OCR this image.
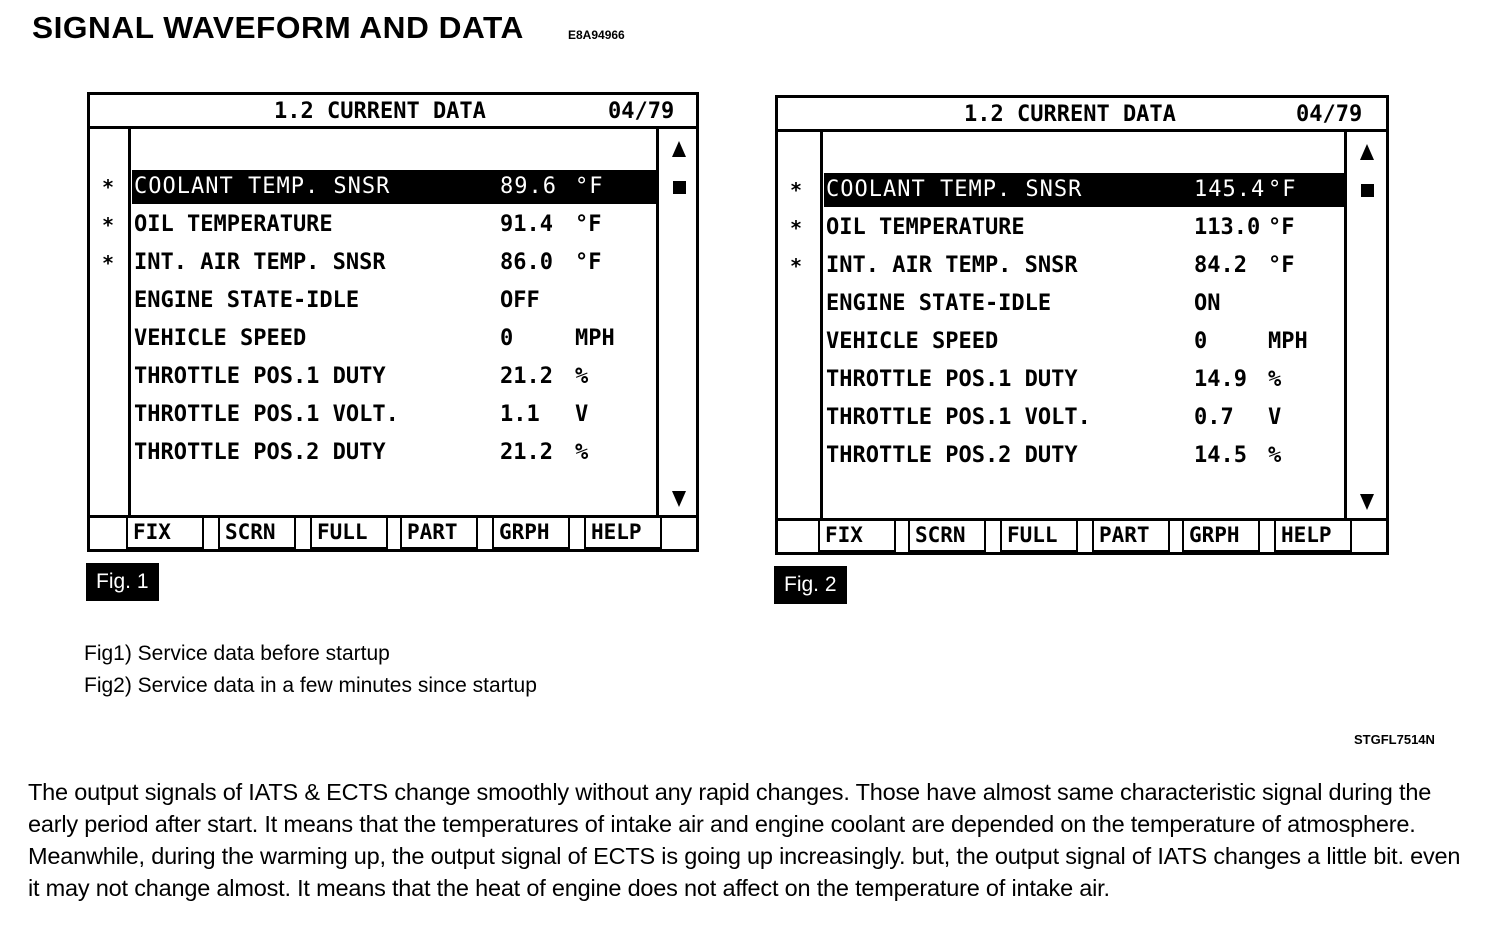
SIGNAL WAVEFORM AND DATA	E8A94966
1.2 CURRENT DATA	04/79
* COOLANT TEMP. SNSR	89.6 °F
* OIL TEMPERATURE	91.4 °F
* INT. AIR TEMP. SNSR	86.0 °F
ENGINE STATE-IDLE	OFF
VEHICLE SPEED	0	MPH
THROTTLE POS.1 DUTY	21.2 %
THROTTLE POS.1 VOLT.	1.1 V
THROTTLE POS.2 DUTY	21.2 %
FIX	SCRN	FULL	PART	GRPH	HELP
Fig. 1
1.2 CURRENT DATA	04/79
* COOLANT TEMP. SNSR	145.4 °F
* OIL TEMPERATURE	113.0 °F
* INT. AIR TEMP. SNSR	84.2 °F
ENGINE STATE-IDLE	ON
VEHICLE SPEED	0	MPH
THROTTLE POS.1 DUTY	14.9 %
THROTTLE POS.1 VOLT.	0.7 V
THROTTLE POS.2 DUTY	14.5 %
FIX	SCRN	FULL	PART	GRPH	HELP
Fig. 2
Fig1) Service data before startup
Fig2) Service data in a few minutes since startup
STGFL7514N
The output signals of IATS & ECTS change smoothly without any rapid changes. Those have almost same characteristic signal during the early period after start. It means that the temperatures of intake air and engine coolant are depended on the temperature of atmosphere. Meanwhile, during the warming up, the output signal of ECTS is going up increasingly. but, the output signal of IATS changes a little bit. even it may not change almost. It means that the heat of engine does not affect on the temperature of intake air.
